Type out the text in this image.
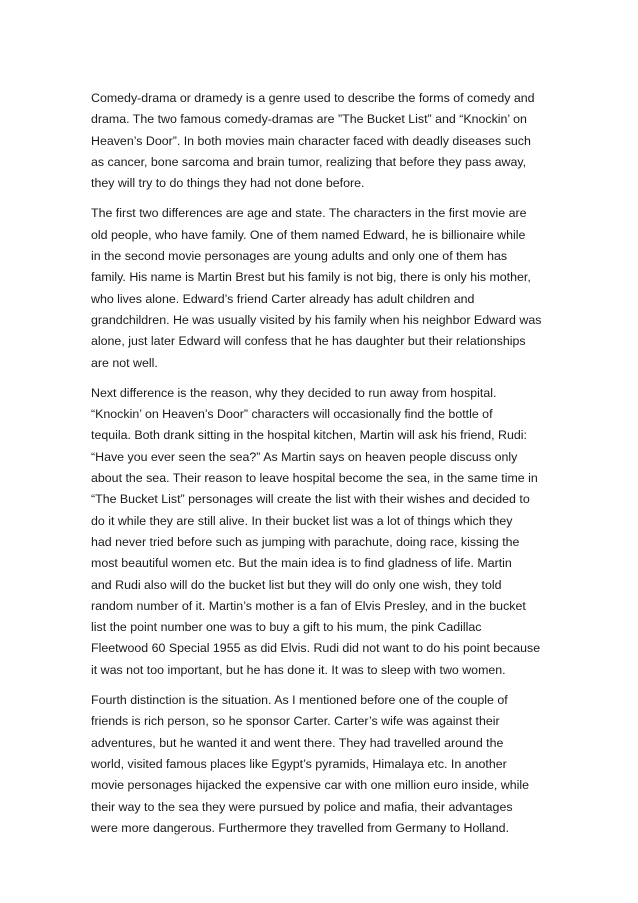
Comedy-drama or dramedy is a genre used to describe the forms of comedy and
drama. The two famous comedy-dramas are ”The Bucket List” and “Knockin’ on
Heaven’s Door”. In both movies main character faced with deadly diseases such
as cancer, bone sarcoma and brain tumor, realizing that before they pass away,
they will try to do things they had not done before.

The first two differences are age and state. The characters in the first movie are
old people, who have family. One of them named Edward, he is billionaire while
in the second movie personages are young adults and only one of them has
family. His name is Martin Brest but his family is not big, there is only his mother,
who lives alone. Edward’s friend Carter already has adult children and
grandchildren. He was usually visited by his family when his neighbor Edward was
alone, just later Edward will confess that he has daughter but their relationships
are not well.

Next difference is the reason, why they decided to run away from hospital.
“Knockin’ on Heaven’s Door” characters will occasionally find the bottle of
tequila. Both drank sitting in the hospital kitchen, Martin will ask his friend, Rudi:
“Have you ever seen the sea?” As Martin says on heaven people discuss only
about the sea. Their reason to leave hospital become the sea, in the same time in
“The Bucket List” personages will create the list with their wishes and decided to
do it while they are still alive. In their bucket list was a lot of things which they
had never tried before such as jumping with parachute, doing race, kissing the
most beautiful women etc. But the main idea is to find gladness of life. Martin
and Rudi also will do the bucket list but they will do only one wish, they told
random number of it. Martin’s mother is a fan of Elvis Presley, and in the bucket
list the point number one was to buy a gift to his mum, the pink Cadillac
Fleetwood 60 Special 1955 as did Elvis. Rudi did not want to do his point because
it was not too important, but he has done it. It was to sleep with two women.

Fourth distinction is the situation. As I mentioned before one of the couple of
friends is rich person, so he sponsor Carter. Carter’s wife was against their
adventures, but he wanted it and went there. They had travelled around the
world, visited famous places like Egypt’s pyramids, Himalaya etc. In another
movie personages hijacked the expensive car with one million euro inside, while
their way to the sea they were pursued by police and mafia, their advantages
were more dangerous. Furthermore they travelled from Germany to Holland.
